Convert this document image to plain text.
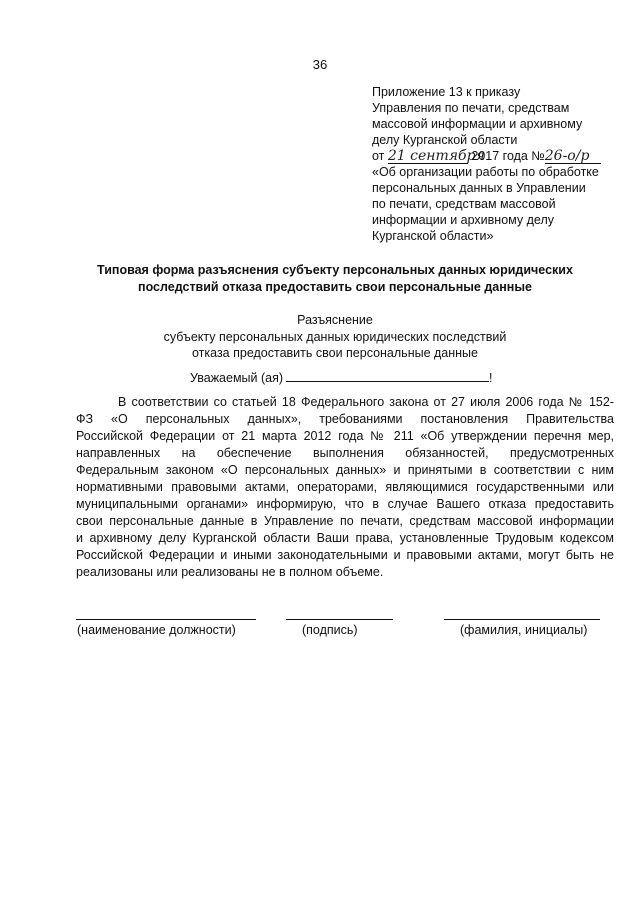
36
Приложение 13 к приказу
Управления по печати, средствам
массовой информации и архивному
делу Курганской области
от 21 сентября 2017 года №26-о/р
«Об организации работы по обработке
персональных данных в Управлении
по печати, средствам массовой
информации и архивному делу
Курганской области»
Типовая форма разъяснения субъекту персональных данных юридических
последствий отказа предоставить свои персональные данные
Разъяснение
субъекту персональных данных юридических последствий
отказа предоставить свои персональные данные
Уважаемый (ая)	!
В соответствии со статьей 18 Федерального закона от 27 июля 2006 года № 152-
ФЗ «О персональных данных», требованиями постановления Правительства
Российской Федерации от 21 марта 2012 года № 211 «Об утверждении перечня мер,
направленных на обеспечение выполнения обязанностей, предусмотренных
Федеральным законом «О персональных данных» и принятыми в соответствии с ним
нормативными правовыми актами, операторами, являющимися государственными или
муниципальными органами» информирую, что в случае Вашего отказа предоставить
свои персональные данные в Управление по печати, средствам массовой информации
и архивному делу Курганской области Ваши права, установленные Трудовым кодексом
Российской Федерации и иными законодательными и правовыми актами, могут быть не
реализованы или реализованы не в полном объеме.
(наименование должности)	(подпись)	(фамилия, инициалы)
